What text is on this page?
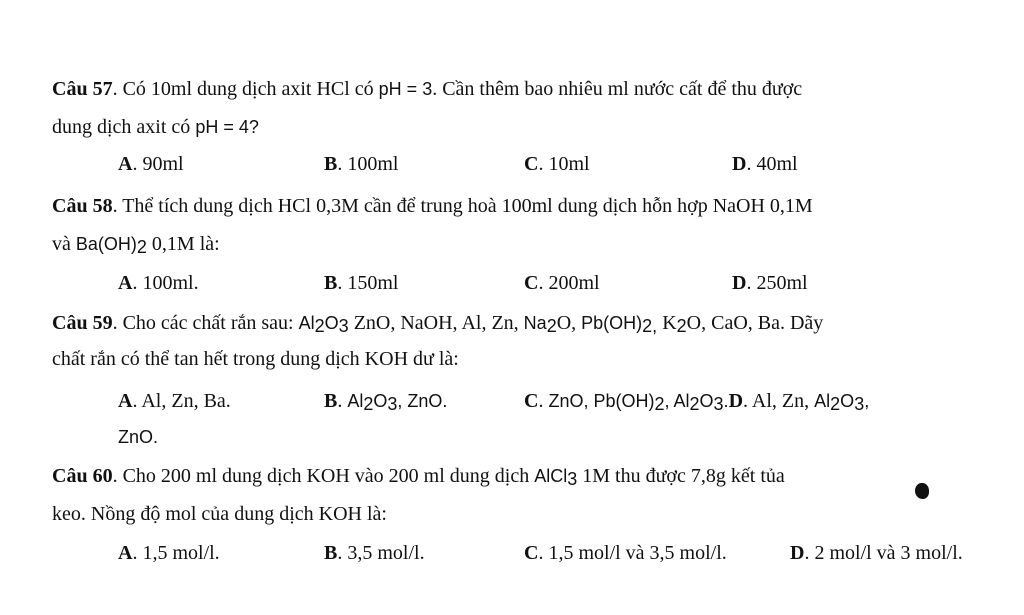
Câu 57. Có 10ml dung dịch axit HCl có pH = 3. Cần thêm bao nhiêu ml nước cất để thu được
dung dịch axit có pH = 4?
A. 90ml	B. 100ml	C. 10ml	D. 40ml
Câu 58. Thể tích dung dịch HCl 0,3M cần để trung hoà 100ml dung dịch hỗn hợp NaOH 0,1M
và $Ba(OH)_2$ 0,1M là:
A. 100ml.	B. 150ml	C. 200ml	D. 250ml
Câu 59. Cho các chất rắn sau: $Al_2O_3$ ZnO, NaOH, Al, Zn, $Na_2O$, $Pb(OH)_{2,}$ $K_2O$, CaO, Ba. Dãy
chất rắn có thể tan hết trong dung dịch KOH dư là:
A. Al, Zn, Ba.	B. $Al_2O_3$, ZnO.	C. ZnO, $Pb(OH)_2$, $Al_2O_3.D$. Al, Zn, $Al_2O_3$,
ZnO.
Câu 60. Cho 200 ml dung dịch KOH vào 200 ml dung dịch AlCl$_3$ 1M thu được 7,8g kết tủa
keo. Nồng độ mol của dung dịch KOH là:
A. 1,5 mol/l.	B. 3,5 mol/l.	C. 1,5 mol/l và 3,5 mol/l.	D. 2 mol/l và 3 mol/l.
